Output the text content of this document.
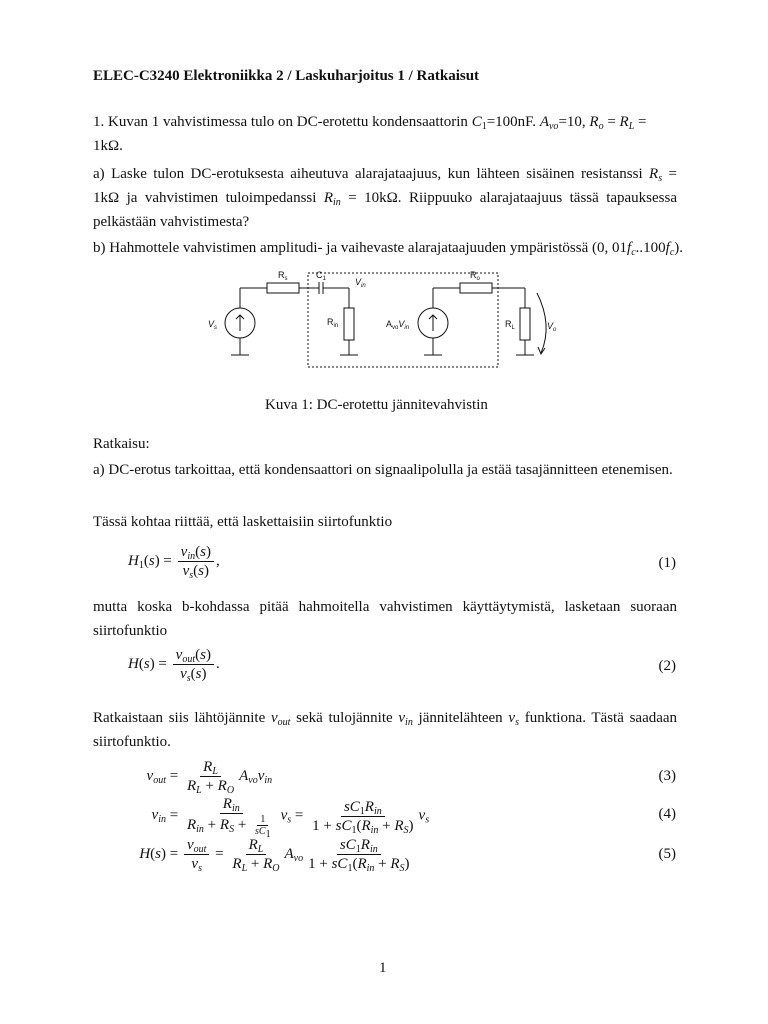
ELEC-C3240 Elektroniikka 2 / Laskuharjoitus 1 / Ratkaisut
1. Kuvan 1 vahvistimessa tulo on DC-erotettu kondensaattorin $C_1=100nF$. $A_{vo}=10$, $R_o = R_L$ =
1kΩ.
a) Laske tulon DC-erotuksesta aiheutuva alarajataajuus, kun lähteen sisäinen resistanssi $R_s = 1k\Omega$ ja vahvistimen tuloimpedanssi $R_{in} = 10k\Omega$. Riippuuko alarajataajuus tässä tapauksessa pelkästään vahvistimesta?
b) Hahmottele vahvistimen amplitudi- ja vaihevaste alarajataajuuden ympäristössä (0, $01f_c..100f_c$).
$R_s$	$C_1$	$V_{in}$
$R_o$
$V_s$
$R_{in}$	$A_{vo}V_{in}$	$R_L$	$V_o$
Kuva 1: DC-erotettu jännitevahvistin
Ratkaisu:
a) DC-erotus tarkoittaa, että kondensaattori on signaalipolulla ja estää tasajännitteen etenemisen.
Tässä kohtaa riittää, että laskettaisiin siirtofunktio
$H_1(s) = \frac{v_{in}(s)}{v_s(s)}$ ,	(1)
mutta koska b-kohdassa pitää hahmoitella vahvistimen käyttäytymistä, lasketaan suoraan siirtofunktio
$H(s) = \frac{v_{out}(s)}{v_s(s)}$ .	(2)
Ratkaistaan siis lähtöjännite $v_{out}$ sekä tulojännite $v_{in}$ jännitelähteen $v_s$ funktiona. Tästä saadaan siirtofunktio.
$v_{out} = \frac{R_L}{R_L + R_O} A_{vo}v_{in}$	(3)
$v_{in} = \frac{R_{in}}{R_{in} + R_S + \frac{1}{sC_1}} v_s = \frac{sC_1R_{in}}{1 + sC_1(R_{in} + R_S)} v_s$	(4)
$H(s) = \frac{v_{out}}{v_s} = \frac{R_L}{R_L + R_O} A_{vo} \frac{sC_1R_{in}}{1 + sC_1(R_{in} + R_S)}$	(5)
1
